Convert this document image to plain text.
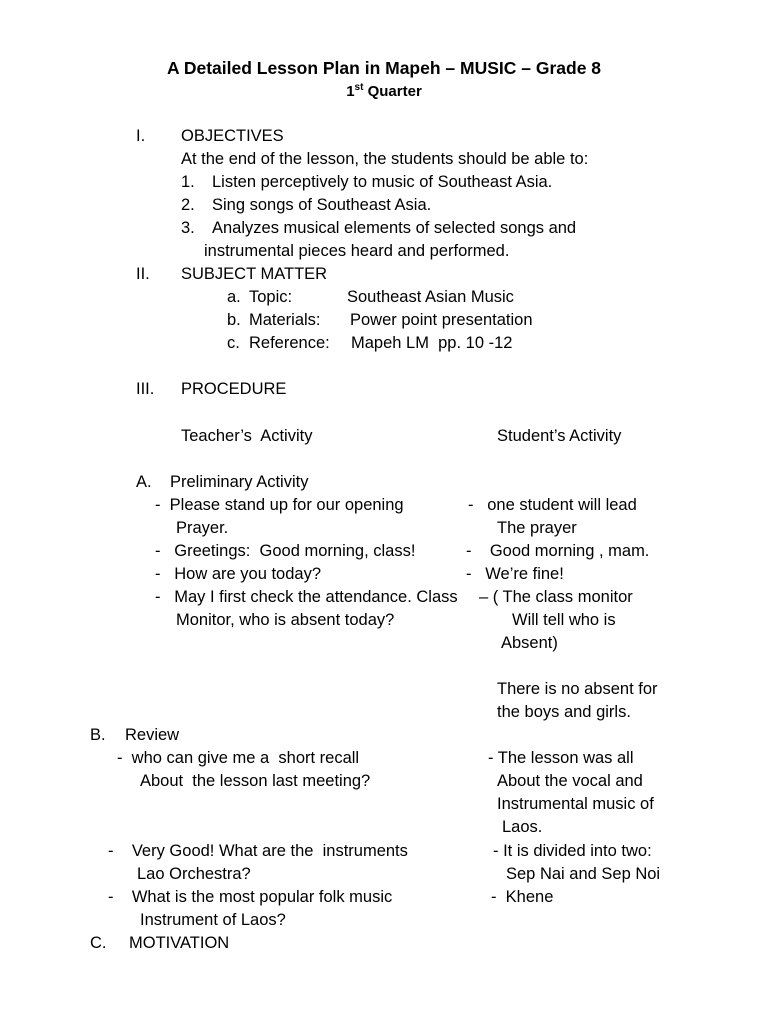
A Detailed Lesson Plan in Mapeh – MUSIC – Grade 8
1st Quarter
I. OBJECTIVES
At the end of the lesson, the students should be able to:
1. Listen perceptively to music of Southeast Asia.
2. Sing songs of Southeast Asia.
3. Analyzes musical elements of selected songs and
instrumental pieces heard and performed.
II. SUBJECT MATTER
a. Topic:	Southeast Asian Music
b. Materials: Power point presentation
c. Reference: Mapeh LM  pp. 10 -12
III. PROCEDURE
Teacher’s  Activity	Student’s Activity
A. Preliminary Activity
-  Please stand up for our opening
Prayer.
-   Greetings:  Good morning, class!
-   How are you today?
-   May I first check the attendance. Class
Monitor, who is absent today?
-   one student will lead
The prayer
-    Good morning , mam.
-   We’re fine!
– ( The class monitor
Will tell who is
Absent)
There is no absent for
the boys and girls.
B. Review
-  who can give me a  short recall
About  the lesson last meeting?
-    Very Good! What are the  instruments
Lao Orchestra?
-    What is the most popular folk music
Instrument of Laos?
- The lesson was all
About the vocal and
Instrumental music of
Laos.
- It is divided into two:
Sep Nai and Sep Noi
-  Khene
C. MOTIVATION
